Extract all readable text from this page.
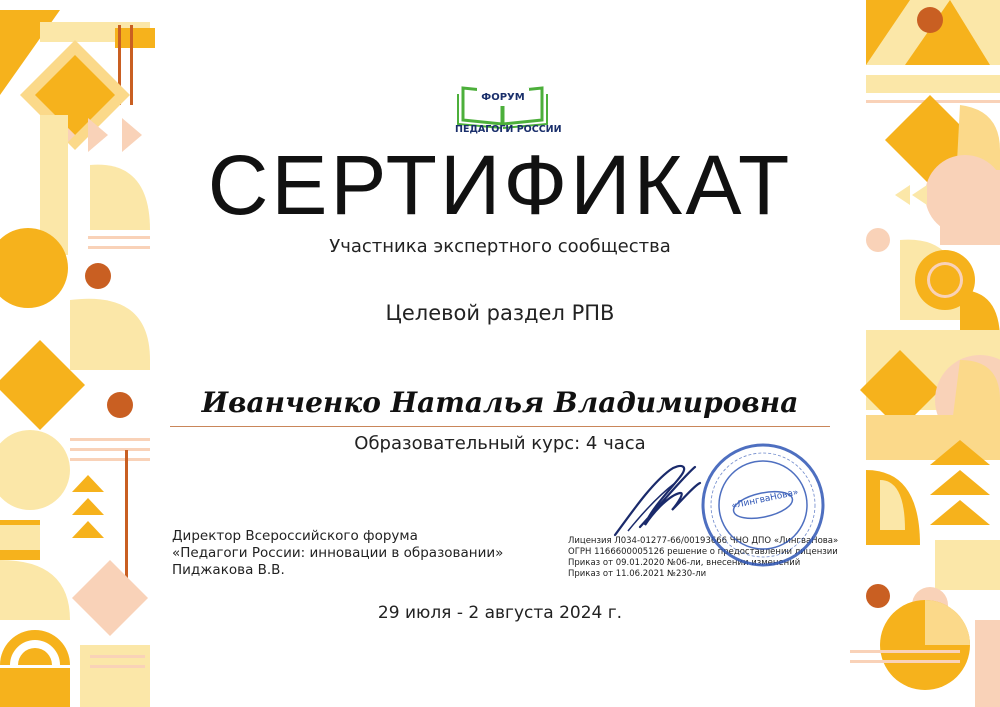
ФОРУМ
ПЕДАГОГИ РОССИИ
СЕРТИФИКАТ
Участника экспертного сообщества
Целевой раздел РПВ
Иванченко Наталья Владимировна
Образовательный курс: 4 часа
Директор Всероссийского форума
«Педагоги России: инновации в образовании»
Пиджакова В.В.
Лицензия Л034-01277-66/00193666 ЧНО ДПО «ЛингваНова»
ОГРН 1166600005126 решение о предоставлении лицензии
Приказ от 09.01.2020 №06-ли, внесении изменений
Приказ от 11.06.2021 №230-ли
«ЛингваНова»
29 июля - 2 августа 2024 г.
